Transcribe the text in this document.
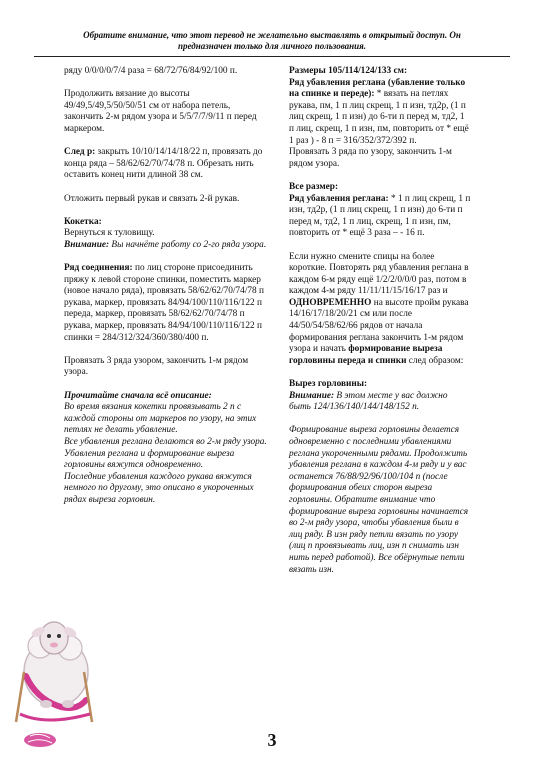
Обратите внимание, что этот перевод не желательно выставлять в открытый доступ. Он
предназначен только для личного пользования.
ряду 0/0/0/0/7/4 раза = 68/72/76/84/92/100 п.
Продолжить вязание до высоты 49/49,5/49,5/50/50/51 см от набора петель, закончить 2-м рядом узора и 5/5/7/7/9/11 п перед маркером.
След р: закрыть 10/10/14/14/18/22 п, провязать до конца ряда – 58/62/62/70/74/78 п. Обрезать нить оставить конец нити длиной 38 см.
Отложить первый рукав и связать 2-й рукав.
Кокетка:
Вернуться к туловищу.
Внимание: Вы начнёте работу со 2-го ряда узора.
Ряд соединения: по лиц стороне присоединить пряжу к левой стороне спинки, поместить маркер (новое начало ряда), провязать 58/62/62/70/74/78 п рукава, маркер, провязать 84/94/100/110/116/122 п переда, маркер, провязать 58/62/62/70/74/78 п рукава, маркер, провязать 84/94/100/110/116/122 п спинки = 284/312/324/360/380/400 п.
Провязать 3 ряда узором, закончить 1-м рядом узора.
Прочитайте сначала всё описание:
Во время вязания кокетки провязывать 2 п с каждой стороны от маркеров по узору, на этих петлях не делать убавление.
Все убавления реглана делаются во 2-м ряду узора.
Убавления реглана и формирование выреза горловины вяжутся одновременно.
Последние убавления каждого рукава вяжутся немного по другому, это описано в укороченных рядах выреза горловин.
Размеры 105/114/124/133 см:
Ряд убавления реглана (убавление только на спинке и переде): * вязать на петлях рукава, пм, 1 п лиц скрещ, 1 п изн, тд2р, (1 п лиц скрещ, 1 п изн) до 6-ти п перед м, тд2, 1 п лиц, скрещ, 1 п изн, пм, повторить от * ещё 1 раз ) - 8 п = 316/352/372/392 п.
Провязать 3 ряда по узору, закончить 1-м рядом узора.
Все размер:
Ряд убавления реглана: * 1 п лиц скрещ, 1 п изн, тд2р, (1 п лиц скрещ, 1 п изн) до 6-ти п перед м, тд2, 1 п лиц, скрещ, 1 п изн, пм, повторить от * ещё 3 раза – - 16 п.
Если нужно смените спицы на более короткие. Повторять ряд убавления реглана в каждом 6-м ряду ещё 1/2/2/0/0/0 раз, потом в каждом 4-м ряду 11/11/11/15/16/17 раз и ОДНОВРЕМЕННО на высоте пройм рукава 14/16/17/18/20/21 см или после 44/50/54/58/62/66 рядов от начала формирования реглана закончить 1-м рядом узора и начать формирование выреза горловины переда и спинки след образом:
Вырез горловины:
Внимание: В этом месте у вас должно быть 124/136/140/144/148/152 п.
Формирование выреза горловины делается одновременно с последними убавлениями реглана укороченными рядами. Продолжить убавления реглана в каждом 4-м ряду и у вас останется 76/88/92/96/100/104 п (после формирования обеих сторон выреза горловины. Обратите внимание что формирование выреза горловины начинается во 2-м ряду узора, чтобы убавления были в лиц ряду. В изн ряду петли вязать по узору (лиц п провязывать лиц, изн п снимать изн нить перед работой). Все обёрнутые петли вязать изн.
3
